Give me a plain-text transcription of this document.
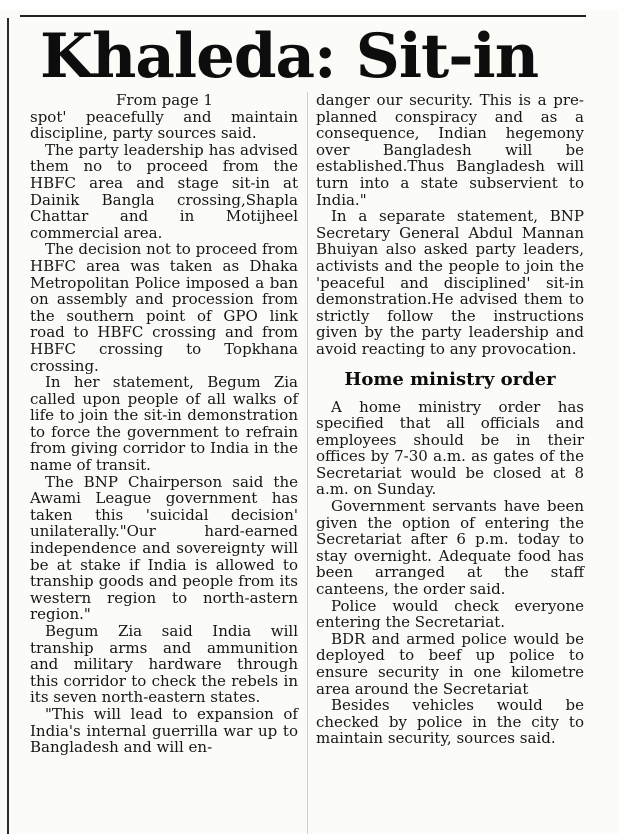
Khaleda: Sit-in

From page 1

spot' peacefully and maintain discipline, party sources said.

The party leadership has advised them no to proceed from the HBFC area and stage sit-in at Dainik Bangla crossing,Shapla Chattar and in Motijheel commercial area.

The decision not to proceed from HBFC area was taken as Dhaka Metropolitan Police imposed a ban on assembly and procession from the southern point of GPO link road to HBFC crossing and from HBFC crossing to Topkhana crossing.

In her statement, Begum Zia called upon people of all walks of life to join the sit-in demonstration to force the government to refrain from giving corridor to India in the name of transit.

The BNP Chairperson said the Awami League government has taken this 'suicidal decision' unilaterally."Our hard-earned independence and sovereignty will be at stake if India is allowed to tranship goods and people from its western region to north-astern region."

Begum Zia said India will tranship arms and ammunition and military hardware through this corridor to check the rebels in its seven north-eastern states.

"This will lead to expansion of India's internal guerrilla war up to Bangladesh and will en-

danger our security. This is a pre-planned conspiracy and as a consequence, Indian hegemony over Bangladesh will be established.Thus Bangladesh will turn into a state subservient to India."

In a separate statement, BNP Secretary General Abdul Mannan Bhuiyan also asked party leaders, activists and the people to join the 'peaceful and disciplined' sit-in demonstration.He advised them to strictly follow the instructions given by the party leadership and avoid reacting to any provocation.

Home ministry order

A home ministry order has specified that all officials and employees should be in their offices by 7-30 a.m. as gates of the Secretariat would be closed at 8 a.m. on Sunday.

Government servants have been given the option of entering the Secretariat after 6 p.m. today to stay overnight. Adequate food has been arranged at the staff canteens, the order said.

Police would check everyone entering the Secretariat.

BDR and armed police would be deployed to beef up police to ensure security in one kilometre area around the Secretariat

Besides vehicles would be checked by police in the city to maintain security, sources said.
